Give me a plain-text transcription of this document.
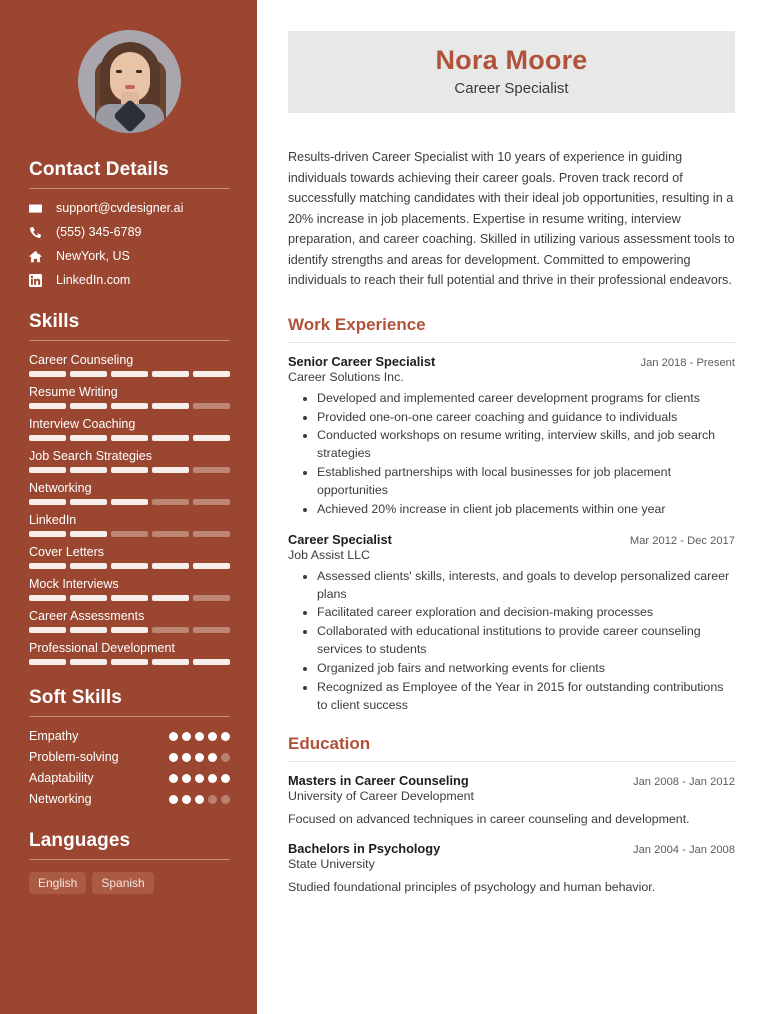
Contact Details
support@cvdesigner.ai
(555) 345-6789
NewYork, US
LinkedIn.com
Skills
Career Counseling
Resume Writing
Interview Coaching
Job Search Strategies
Networking
LinkedIn
Cover Letters
Mock Interviews
Career Assessments
Professional Development
Soft Skills
Empathy
Problem-solving
Adaptability
Networking
Languages
English	Spanish
Nora Moore
Career Specialist

Results-driven Career Specialist with 10 years of experience in guiding individuals towards achieving their career goals. Proven track record of successfully matching candidates with their ideal job opportunities, resulting in a 20% increase in job placements. Expertise in resume writing, interview preparation, and career coaching. Skilled in utilizing various assessment tools to identify strengths and areas for development. Committed to empowering individuals to reach their full potential and thrive in their professional endeavors.

Work Experience
Senior Career Specialist	Jan 2018 - Present
Career Solutions Inc.
• Developed and implemented career development programs for clients
• Provided one-on-one career coaching and guidance to individuals
• Conducted workshops on resume writing, interview skills, and job search strategies
• Established partnerships with local businesses for job placement opportunities
• Achieved 20% increase in client job placements within one year
Career Specialist	Mar 2012 - Dec 2017
Job Assist LLC
• Assessed clients' skills, interests, and goals to develop personalized career plans
• Facilitated career exploration and decision-making processes
• Collaborated with educational institutions to provide career counseling services to students
• Organized job fairs and networking events for clients
• Recognized as Employee of the Year in 2015 for outstanding contributions to client success
Education
Masters in Career Counseling	Jan 2008 - Jan 2012
University of Career Development
Focused on advanced techniques in career counseling and development.
Bachelors in Psychology	Jan 2004 - Jan 2008
State University
Studied foundational principles of psychology and human behavior.
